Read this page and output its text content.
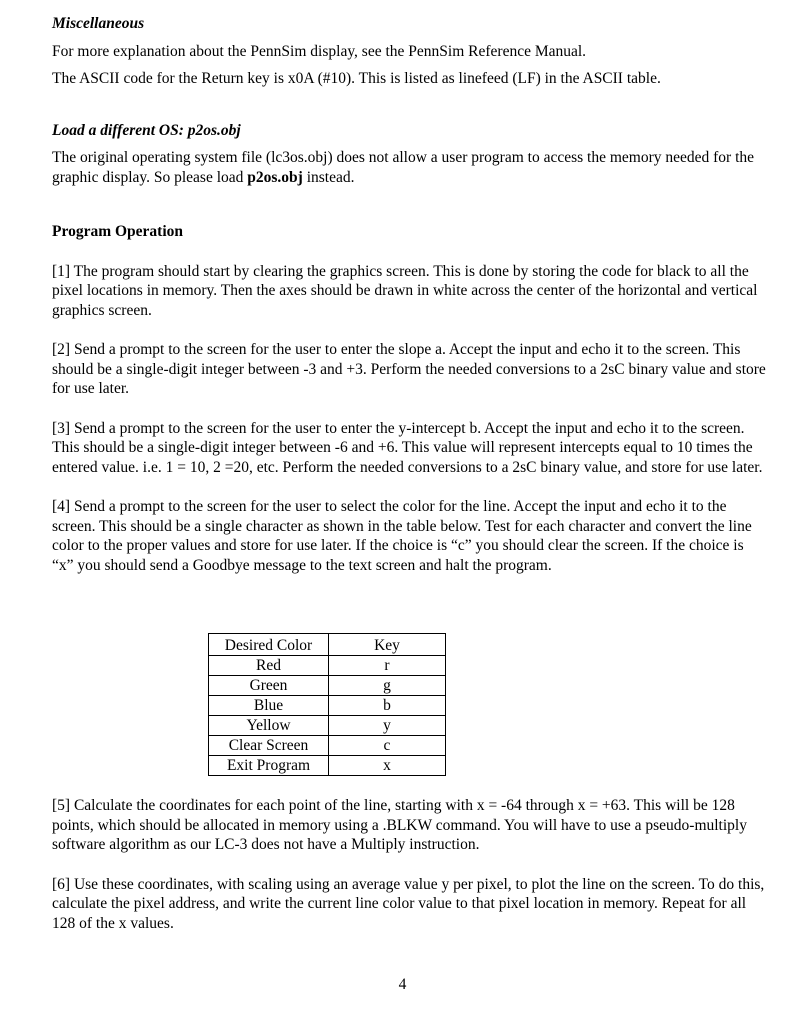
Miscellaneous

For more explanation about the PennSim display, see the PennSim Reference Manual.

The ASCII code for the Return key is x0A (#10). This is listed as linefeed (LF) in the ASCII table.

Load a different OS: p2os.obj

The original operating system file (lc3os.obj) does not allow a user program to access the memory needed for the graphic display. So please load p2os.obj instead.

Program Operation

[1] The program should start by clearing the graphics screen. This is done by storing the code for black to all the pixel locations in memory. Then the axes should be drawn in white across the center of the horizontal and vertical graphics screen.

[2] Send a prompt to the screen for the user to enter the slope a. Accept the input and echo it to the screen. This should be a single-digit integer between -3 and +3. Perform the needed conversions to a 2sC binary value and store for use later.

[3] Send a prompt to the screen for the user to enter the y-intercept b. Accept the input and echo it to the screen. This should be a single-digit integer between -6 and +6. This value will represent intercepts equal to 10 times the entered value. i.e. 1 = 10, 2 =20, etc. Perform the needed conversions to a 2sC binary value, and store for use later.

[4] Send a prompt to the screen for the user to select the color for the line. Accept the input and echo it to the screen. This should be a single character as shown in the table below. Test for each character and convert the line color to the proper values and store for use later. If the choice is “c” you should clear the screen. If the choice is “x” you should send a Goodbye message to the text screen and halt the program.

Desired Color	Key
Red	r
Green	g
Blue	b
Yellow	y
Clear Screen	c
Exit Program	x

[5] Calculate the coordinates for each point of the line, starting with x = -64 through x = +63. This will be 128 points, which should be allocated in memory using a .BLKW command. You will have to use a pseudo-multiply software algorithm as our LC-3 does not have a Multiply instruction.

[6] Use these coordinates, with scaling using an average value y per pixel, to plot the line on the screen. To do this, calculate the pixel address, and write the current line color value to that pixel location in memory. Repeat for all 128 of the x values.

4
